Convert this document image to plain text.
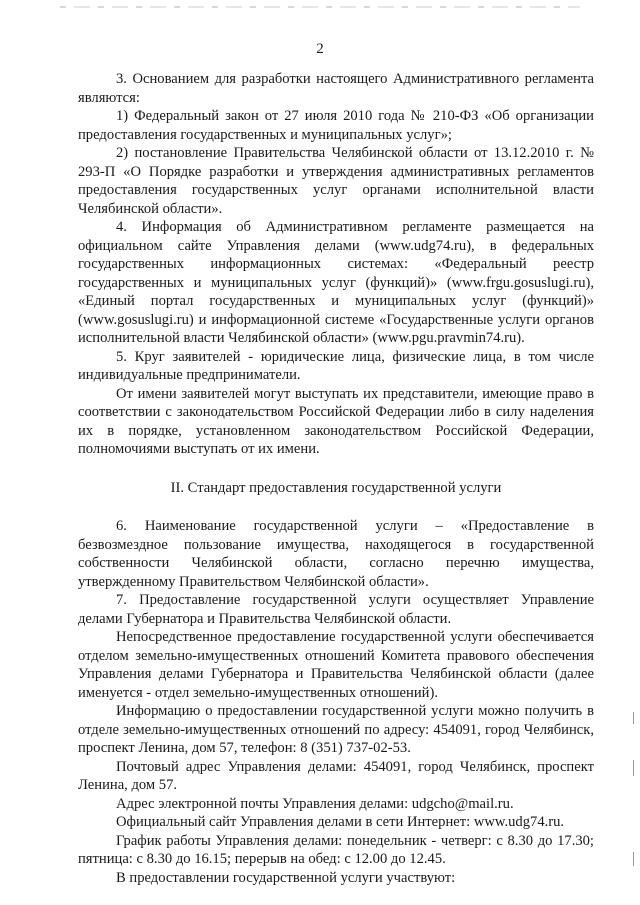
2

3. Основанием для разработки настоящего Административного регламента являются:

1) Федеральный закон от 27 июля 2010 года № 210-ФЗ «Об организации предоставления государственных и муниципальных услуг»;

2) постановление Правительства Челябинской области от 13.12.2010 г. № 293-П «О Порядке разработки и утверждения административных регламентов предоставления государственных услуг органами исполнительной власти Челябинской области».

4. Информация об Административном регламенте размещается на официальном сайте Управления делами (www.udg74.ru), в федеральных государственных информационных системах: «Федеральный реестр государственных и муниципальных услуг (функций)» (www.frgu.gosuslugi.ru), «Единый портал государственных и муниципальных услуг (функций)» (www.gosuslugi.ru) и информационной системе «Государственные услуги органов исполнительной власти Челябинской области» (www.pgu.pravmin74.ru).

5. Круг заявителей - юридические лица, физические лица, в том числе индивидуальные предприниматели.

От имени заявителей могут выступать их представители, имеющие право в соответствии с законодательством Российской Федерации либо в силу наделения их в порядке, установленном законодательством Российской Федерации, полномочиями выступать от их имени.

II. Стандарт предоставления государственной услуги

6. Наименование государственной услуги – «Предоставление в безвозмездное пользование имущества, находящегося в государственной собственности Челябинской области, согласно перечню имущества, утвержденному Правительством Челябинской области».

7. Предоставление государственной услуги осуществляет Управление делами Губернатора и Правительства Челябинской области.

Непосредственное предоставление государственной услуги обеспечивается отделом земельно-имущественных отношений Комитета правового обеспечения Управления делами Губернатора и Правительства Челябинской области (далее именуется - отдел земельно-имущественных отношений).

Информацию о предоставлении государственной услуги можно получить в отделе земельно-имущественных отношений по адресу: 454091, город Челябинск, проспект Ленина, дом 57, телефон: 8 (351) 737-02-53.

Почтовый адрес Управления делами: 454091, город Челябинск, проспект Ленина, дом 57.

Адрес электронной почты Управления делами: udgcho@mail.ru.

Официальный сайт Управления делами в сети Интернет: www.udg74.ru.

График работы Управления делами: понедельник - четверг: с 8.30 до 17.30; пятница: с 8.30 до 16.15; перерыв на обед: с 12.00 до 12.45.

В предоставлении государственной услуги участвуют:
